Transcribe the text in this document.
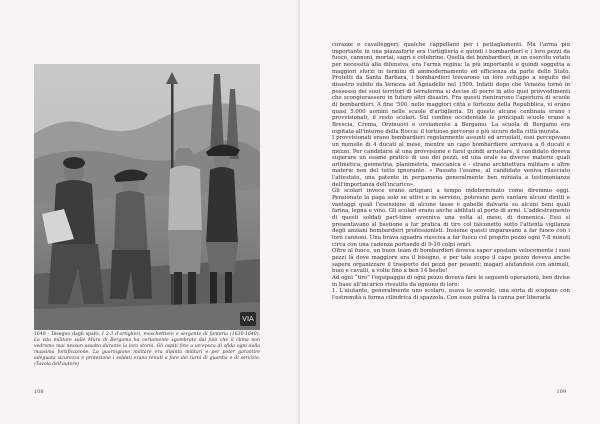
VIA
1640 - Disegno dagli spalti. I 2-3 d'artiglieri, moschettiere e sergente di fanteria (1630-1640). La vita militare sulle Mura di Bergamo ha certamente sgombrato dai falò che il clima non vedremo mai nessun assalto durante la loro storia. Gli ospiti fino a un'epoca di sfida ogni dalla massima fortificazione. La guarnigione militare era dipinta militari e per poter garantire adeguata sicurezza e protezione i soldati erano tenuti a fare dei turni di guardia e di servizio. (Tavola dell'autore)
108	109

corazze e cavalleggeri, qualche cappellano per i pettaglamenti. Ma l'arma più importante in una piazzaforte era l'artiglieria e quindi i bombardieri e i loro pezzi da fuoco, cannoni, mortai, sagri e colubrine. Quella dei bombardieri, in un esercito votato per necessità alla difensiva, era l'arma regina: la più importante e quindi soggetta a maggiori sforzi in termini di ammodernamento ed efficienza da parte dello Stato. Protetti da Santa Barbara, i bombardieri trovarono un loro sviluppo a seguito del disastro subito da Venezia ad Agnadello nel 1509. Infatti dopo che Venezia tornò in possesso dei suoi territori di terraferma si decise di porre in atto quei provvedimenti che scongiurassero in futuro altri disastri. Fra questi rientrarono l'apertura di scuole di bombardieri. A fine '500, nelle maggiori città e fortezze della Repubblica, vi erano quasi 5.000 uomini nelle scuole d'artiglieria. Di queste alcune centinaia erano i provvisionati, il resto scolari. Sul confine occidentale le principali scuole erano a Brescia, Crema, Orzinuovi e ovviamente a Bergamo. La scuola di Bergamo era ospitata all'interno della Rocca: il tortuoso percorso e più sicuro della città murata.

I provvisionati erano bombardieri regolarmente assunti ed arruolati, essi percepivano un mensile di 4 ducati al mese, mentre un capo bombardiere arrivava a 6 ducati e mezzo. Per candidarsi al una provvisione e farsi quindi arruolare, il candidato doveva superare un esame pratico di uso dei pezzi, ed una orale su diverse materie quali aritmetica, geometria, planimetria, meccanica e - strano architettura militare e altre materie non del tutto ignorante. « Passato l'esame, al candidato veniva rilasciato l'attestato, una patente in pergamena generalmente ben miniata a testimonianza dell'importanza dell'incarico».

Gli scolari invece erano artigiani a tempo indeterminato come diremmo oggi. Pensionato la paga solo se attivi e in servizio, potevano però vantare alcuni diritti e vantaggi quali l'esenzione di alcune tasse e gabelle dalvarie su alcuni beni quali farina, legna e vino. Gli scolari erano anche abilitati al porto di armi. L'addestramento di questi soldati part-time avveniva una volta al mese, di domenica. Essi si presentavano al bastione a far pratica di tiro col falconetto sotto l'attenta vigilanza degli anziani bombardieri professionisti. Insieme questi imparavano a far fuoco con i loro cannoni. Una brava squadra riusciva a far fuoco col proprio pezzo ogni 7-8 minuti circa con una cadenza portando di 9-10 colpi orari.

Oltre al fuoco, un buon team di bombardieri doveva saper spostare velocemente i suoi pezzi là dove maggiore era il bisogno, e per tale scopo il capo pezzo doveva anche sapere organizzare il trasporto dei pezzi per pesanti; magari aiutandosi con animali, buoi e cavalli, a volte fino a ben 14 bestie!

Ad ogni “tiro” l'equipaggio di ogni pezzo doveva fare le seguenti operazioni, ben divise in base all'incarico rivestito da ognuno di loro:

1. L'aiutante, generalmente uno scolaro, usava lo scovolo, una sorta di scopone con l'estremità a forma cilindrica di spazzola. Con esso puliva la canna per liberarla
